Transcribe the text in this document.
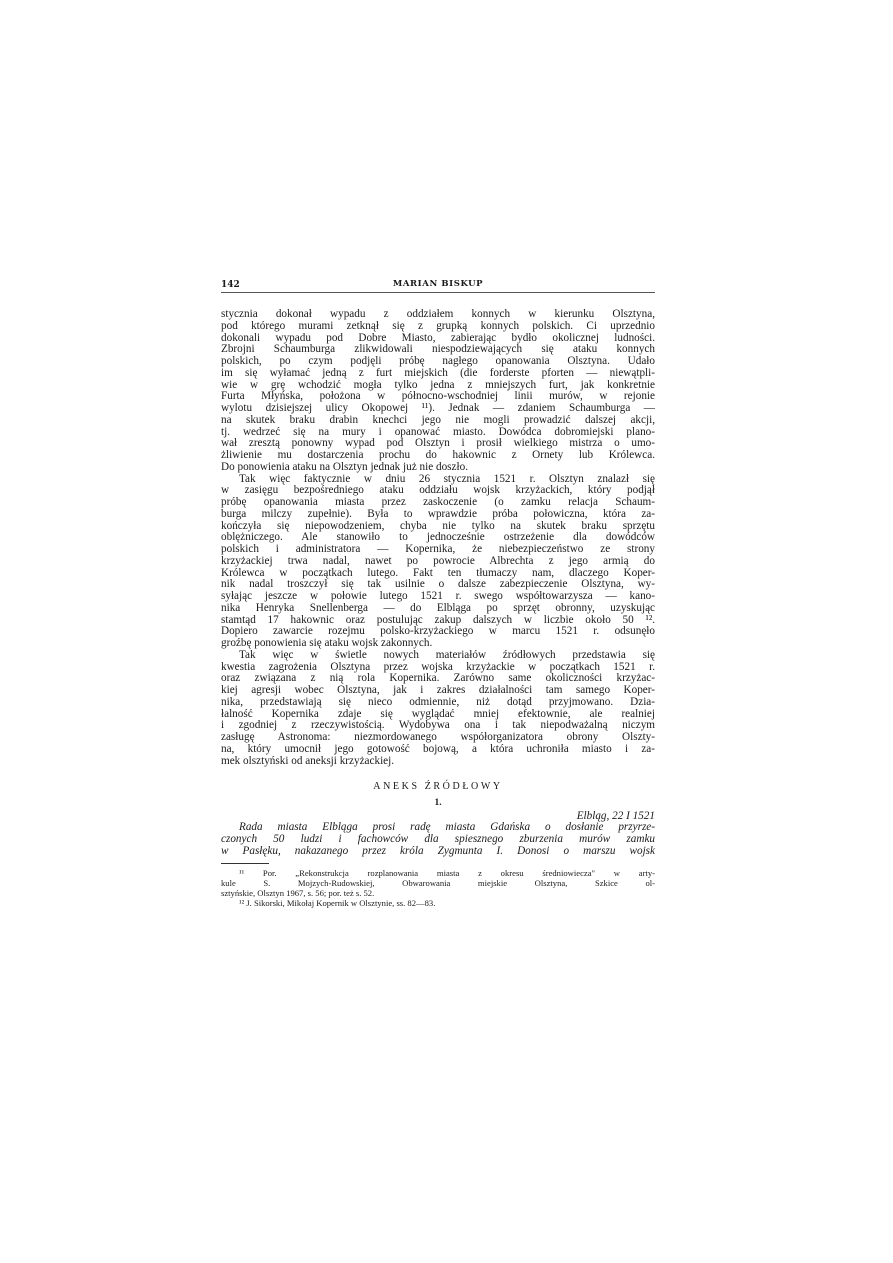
142	MARIAN BISKUP
stycznia dokonał wypadu z oddziałem konnych w kierunku Olsztyna,
pod którego murami zetknął się z grupką konnych polskich. Ci uprzednio
dokonali wypadu pod Dobre Miasto, zabierając bydło okolicznej ludności.
Zbrojni Schaumburga zlikwidowali niespodziewających się ataku konnych
polskich, po czym podjęli próbę nagłego opanowania Olsztyna. Udało
im się wyłamać jedną z furt miejskich (die forderste pforten — niewątpli-
wie w grę wchodzić mogła tylko jedna z mniejszych furt, jak konkretnie
Furta Młyńska, położona w północno-wschodniej linii murów, w rejonie
wylotu dzisiejszej ulicy Okopowej ¹¹). Jednak — zdaniem Schaumburga —
na skutek braku drabin knechci jego nie mogli prowadzić dalszej akcji,
tj. wedrzeć się na mury i opanować miasto. Dowódca dobromiejski plano-
wał zresztą ponowny wypad pod Olsztyn i prosił wielkiego mistrza o umo-
żliwienie mu dostarczenia prochu do hakownic z Ornety lub Królewca.
Do ponowienia ataku na Olsztyn jednak już nie doszło.
Tak więc faktycznie w dniu 26 stycznia 1521 r. Olsztyn znalazł się
w zasięgu bezpośredniego ataku oddziału wojsk krzyżackich, który podjął
próbę opanowania miasta przez zaskoczenie (o zamku relacja Schaum-
burga milczy zupełnie). Była to wprawdzie próba połowiczna, która za-
kończyła się niepowodzeniem, chyba nie tylko na skutek braku sprzętu
oblężniczego. Ale stanowiło to jednocześnie ostrzeżenie dla dowódców
polskich i administratora — Kopernika, że niebezpieczeństwo ze strony
krzyżackiej trwa nadal, nawet po powrocie Albrechta z jego armią do
Królewca w początkach lutego. Fakt ten tłumaczy nam, dlaczego Koper-
nik nadal troszczył się tak usilnie o dalsze zabezpieczenie Olsztyna, wy-
syłając jeszcze w połowie lutego 1521 r. swego współtowarzysza — kano-
nika Henryka Snellenberga — do Elbląga po sprzęt obronny, uzyskując
stamtąd 17 hakownic oraz postulując zakup dalszych w liczbie około 50 ¹².
Dopiero zawarcie rozejmu polsko-krzyżackiego w marcu 1521 r. odsunęło
groźbę ponowienia się ataku wojsk zakonnych.
Tak więc w świetle nowych materiałów źródłowych przedstawia się
kwestia zagrożenia Olsztyna przez wojska krzyżackie w początkach 1521 r.
oraz związana z nią rola Kopernika. Zarówno same okoliczności krzyżac-
kiej agresji wobec Olsztyna, jak i zakres działalności tam samego Koper-
nika, przedstawiają się nieco odmiennie, niż dotąd przyjmowano. Dzia-
łalność Kopernika zdaje się wyglądać mniej efektownie, ale realniej
i zgodniej z rzeczywistością. Wydobywa ona i tak niepodważalną niczym
zasługę Astronoma: niezmordowanego współorganizatora obrony Olszty-
na, który umocnił jego gotowość bojową, a która uchroniła miasto i za-
mek olsztyński od aneksji krzyżackiej.
ANEKS ŹRÓDŁOWY
1.
Elbląg, 22 I 1521
Rada miasta Elbląga prosi radę miasta Gdańska o dosłanie przyrze-
czonych 50 ludzi i fachowców dla spiesznego zburzenia murów zamku
w Pasłęku, nakazanego przez króla Zygmunta I. Donosi o marszu wojsk
¹¹ Por. „Rekonstrukcja rozplanowania miasta z okresu średniowiecza" w arty-
kule S. Mojzych-Rudowskiej, Obwarowania miejskie Olsztyna, Szkice ol-
sztyńskie, Olsztyn 1967, s. 56; por. też s. 52.
¹² J. Sikorski, Mikołaj Kopernik w Olsztynie, ss. 82—83.
